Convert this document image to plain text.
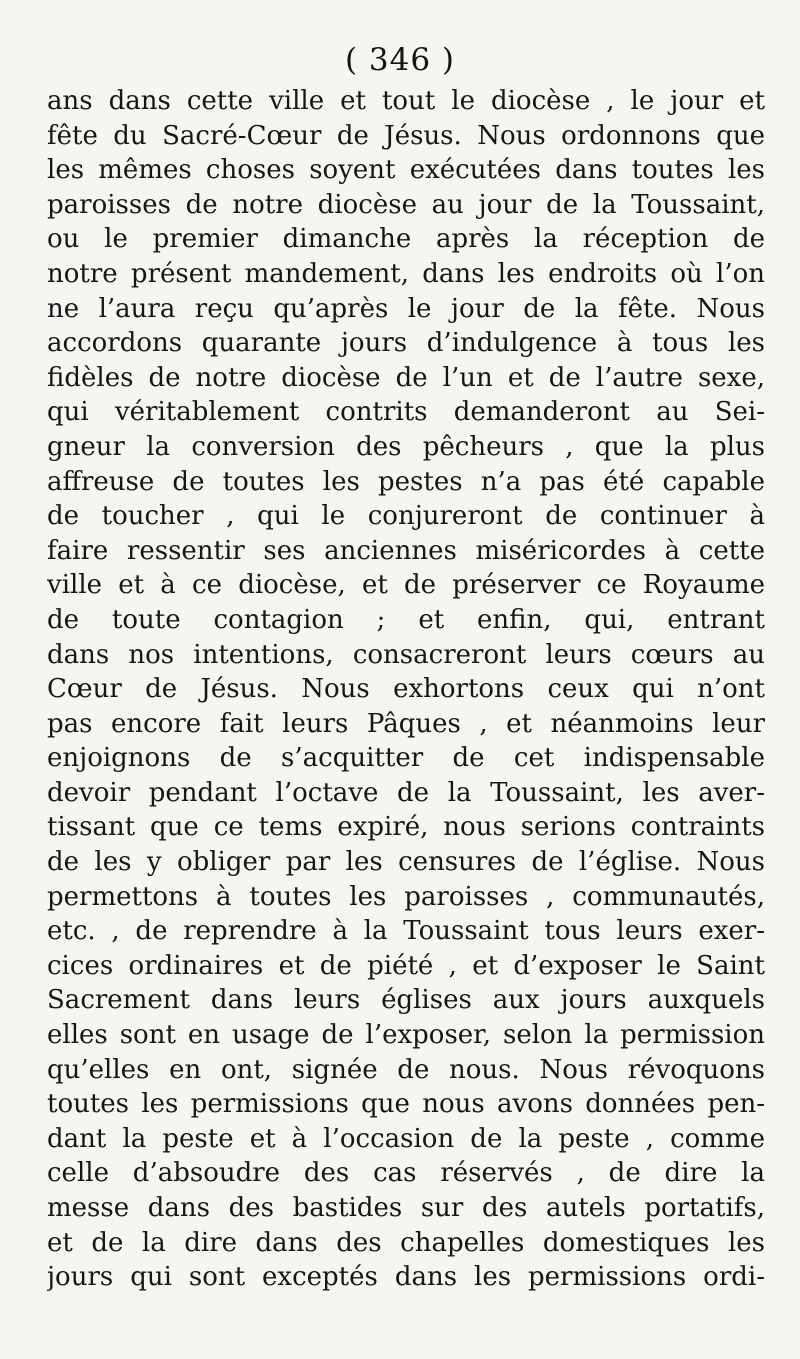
( 346 )
ans dans cette ville et tout le diocèse , le jour et
fête du Sacré-Cœur de Jésus. Nous ordonnons que
les mêmes choses soyent exécutées dans toutes les
paroisses de notre diocèse au jour de la Toussaint,
ou le premier dimanche après la réception de
notre présent mandement, dans les endroits où l’on
ne l’aura reçu qu’après le jour de la fête. Nous
accordons quarante jours d’indulgence à tous les
fidèles de notre diocèse de l’un et de l’autre sexe,
qui véritablement contrits demanderont au Sei-
gneur la conversion des pêcheurs , que la plus
affreuse de toutes les pestes n’a pas été capable
de toucher , qui le conjureront de continuer à
faire ressentir ses anciennes miséricordes à cette
ville et à ce diocèse, et de préserver ce Royaume
de toute contagion ; et enfin, qui, entrant
dans nos intentions, consacreront leurs cœurs au
Cœur de Jésus. Nous exhortons ceux qui n’ont
pas encore fait leurs Pâques , et néanmoins leur
enjoignons de s’acquitter de cet indispensable
devoir pendant l’octave de la Toussaint, les aver-
tissant que ce tems expiré, nous serions contraints
de les y obliger par les censures de l’église. Nous
permettons à toutes les paroisses , communautés,
etc. , de reprendre à la Toussaint tous leurs exer-
cices ordinaires et de piété , et d’exposer le Saint
Sacrement dans leurs églises aux jours auxquels
elles sont en usage de l’exposer, selon la permission
qu’elles en ont, signée de nous. Nous révoquons
toutes les permissions que nous avons données pen-
dant la peste et à l’occasion de la peste , comme
celle d’absoudre des cas réservés , de dire la
messe dans des bastides sur des autels portatifs,
et de la dire dans des chapelles domestiques les
jours qui sont exceptés dans les permissions ordi-
